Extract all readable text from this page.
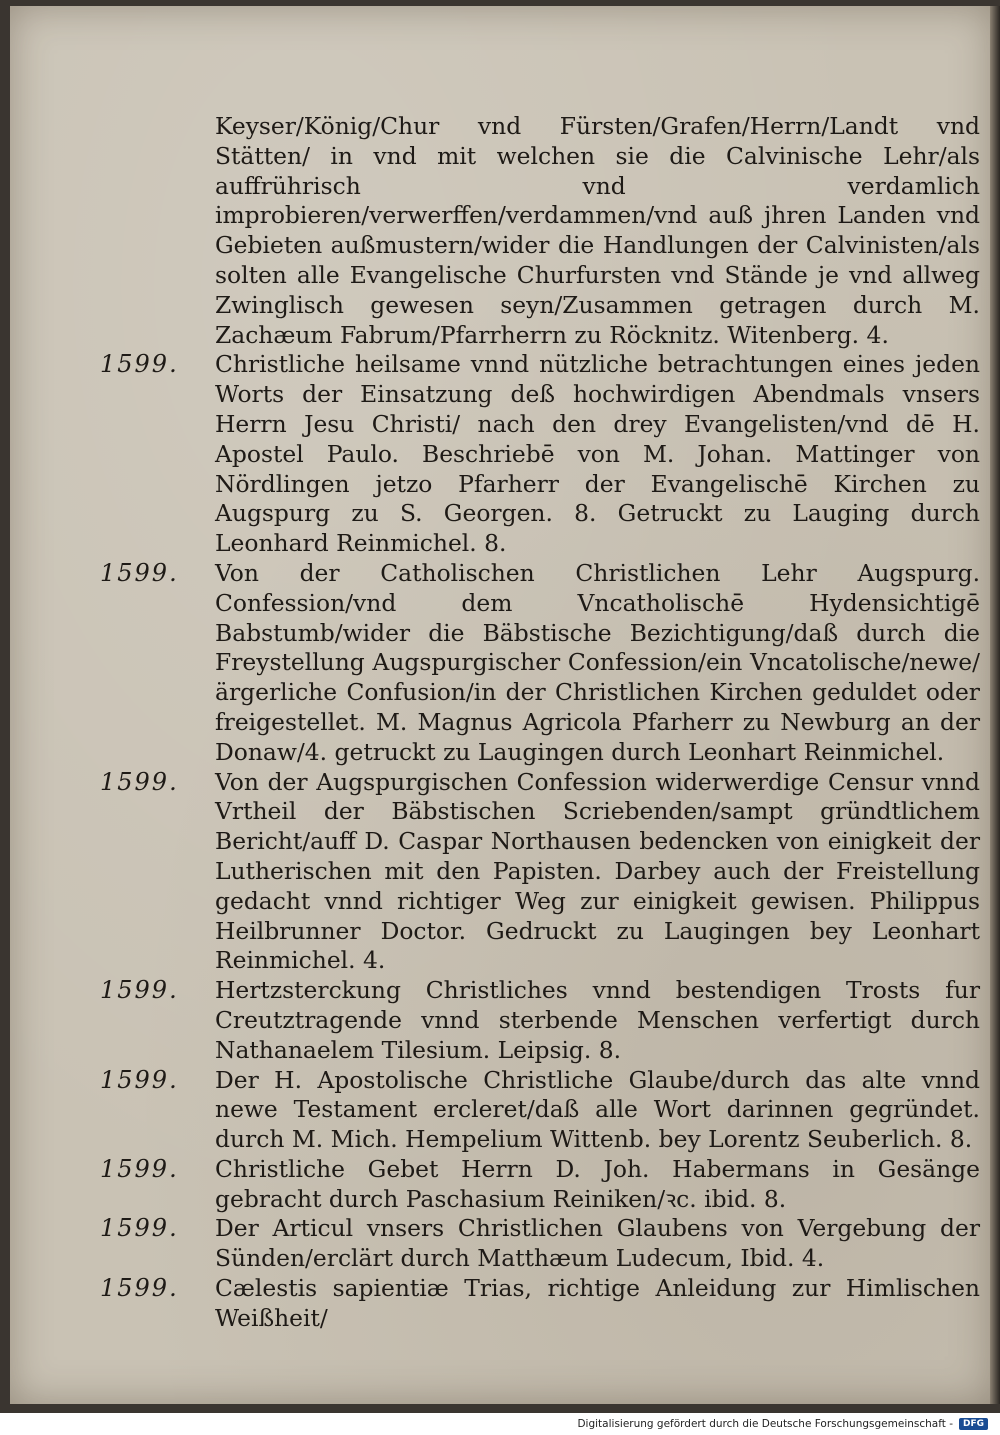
Keyser/König/Chur vnd Fürsten/Grafen/Herrn/Landt vnd Stätten/ in vnd mit welchen sie die Calvinische Lehr/als auffrührisch vnd verdamlich improbieren/verwerffen/verdammen/vnd auß jhren Landen vnd Gebieten außmustern/wider die Handlungen der Calvinisten/als solten alle Evangelische Churfursten vnd Stände je vnd allweg Zwinglisch gewesen seyn/Zusammen getragen durch M. Zachæum Fabrum/Pfarrherrn zu Röcknitz. Witenberg. 4.
1599.	Christliche heilsame vnnd nützliche betrachtungen eines jeden Worts der Einsatzung deß hochwirdigen Abendmals vnsers Herrn Jesu Christi/ nach den drey Evangelisten/vnd dē H. Apostel Paulo. Beschriebē von M. Johan. Mattinger von Nördlingen jetzo Pfarherr der Evangelischē Kirchen zu Augspurg zu S. Georgen. 8. Getruckt zu Lauging durch Leonhard Reinmichel. 8.
1599.	Von der Catholischen Christlichen Lehr Augspurg. Confession/vnd dem Vncatholischē Hydensichtigē Babstumb/wider die Bäbstische Bezichtigung/daß durch die Freystellung Augspurgischer Confession/ein Vncatolische/newe/ärgerliche Confusion/in der Christlichen Kirchen geduldet oder freigestellet. M. Magnus Agricola Pfarherr zu Newburg an der Donaw/4. getruckt zu Laugingen durch Leonhart Reinmichel.
1599.	Von der Augspurgischen Confession widerwerdige Censur vnnd Vrtheil der Bäbstischen Scriebenden/sampt gründtlichem Bericht/auff D. Caspar Northausen bedencken von einigkeit der Lutherischen mit den Papisten. Darbey auch der Freistellung gedacht vnnd richtiger Weg zur einigkeit gewisen. Philippus Heilbrunner Doctor. Gedruckt zu Laugingen bey Leonhart Reinmichel. 4.
1599.	Hertzsterckung Christliches vnnd bestendigen Trosts fur Creutztragende vnnd sterbende Menschen verfertigt durch Nathanaelem Tilesium. Leipsig. 8.
1599.	Der H. Apostolische Christliche Glaube/durch das alte vnnd newe Testament ercleret/daß alle Wort darinnen gegründet. durch M. Mich. Hempelium Wittenb. bey Lorentz Seuberlich. 8.
1599.	Christliche Gebet Herrn D. Joh. Habermans in Gesänge gebracht durch Paschasium Reiniken/ꝛc. ibid. 8.
1599.	Der Articul vnsers Christlichen Glaubens von Vergebung der Sünden/erclärt durch Matthæum Ludecum, Ibid. 4.
1599.	Cælestis sapientiæ Trias, richtige Anleidung zur Himlischen Weißheit/
Digitalisierung gefördert durch die Deutsche Forschungsgemeinschaft -	DFG
